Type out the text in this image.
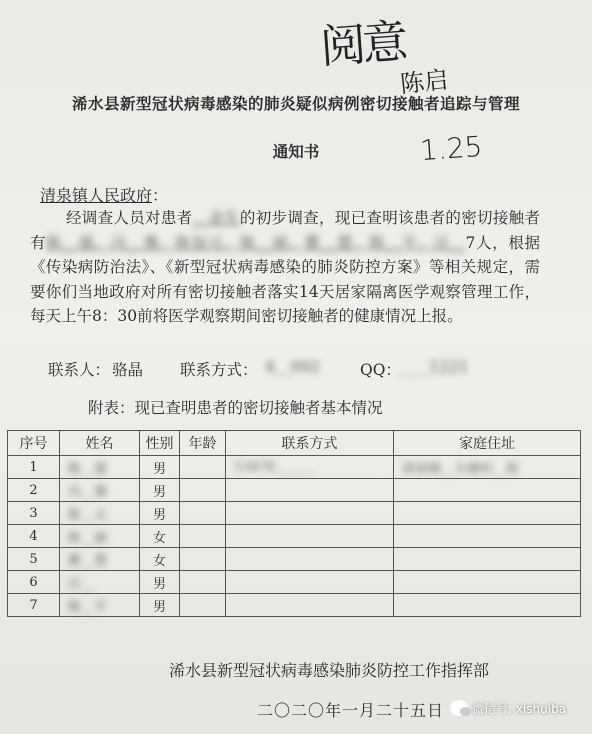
阅意
陈启
1.25
浠水县新型冠状病毒感染的肺炎疑似病例密切接触者追踪与管理
通知书
清泉镇人民政府：
经调查人员对患者__金生的初步调查，现已查明该患者的密切接触者有陈__强、冯__豫、陈加元、陈__丽、瞿__慧、陈__平、汪__7人，根据《传染病防治法》、《新型冠状病毒感染的肺炎防控方案》等相关规定，需要你们当地政府对所有密切接触者落实14天居家隔离医学观察管理工作，每天上午8：30前将医学观察期间密切接触者的健康情况上报。
联系人： 骆晶 联系方式： 4__092	QQ：
____1221
附表：现已查明患者的密切接触者基本情况
序号	姓名	性别	年龄	联系方式	家庭住址
1	陈__强	男		13476______	清泉镇__大塘村__组
2	冯__豫	男			
3	陈__元	男			
4	陈__丽	女			
5	瞿__慧	女			
6	汪__	男			
7	陈__平	男			
浠水县新型冠状病毒感染肺炎防控工作指挥部
二〇二〇年一月二十五日 微信号: xishuiba
